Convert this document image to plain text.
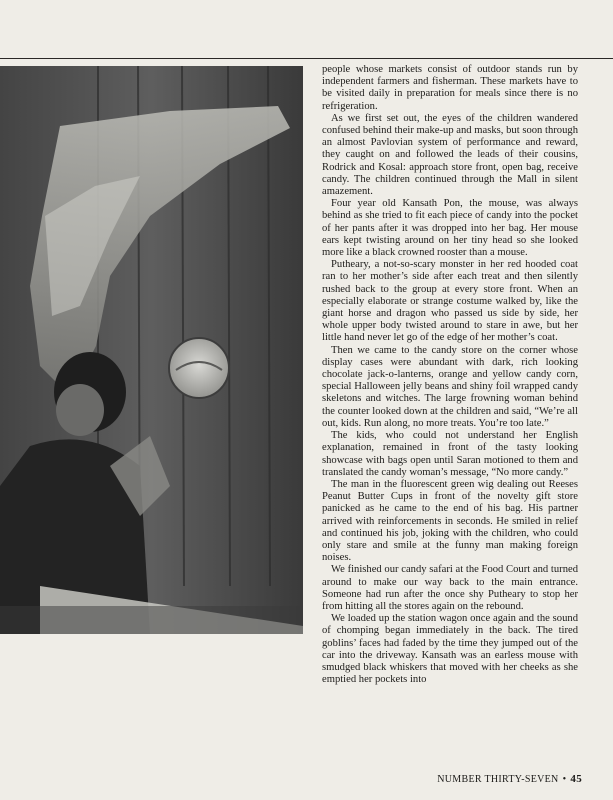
people whose markets consist of outdoor stands run by independent farmers and fisherman. These markets have to be visited daily in preparation for meals since there is no refrigeration.

As we first set out, the eyes of the children wandered confused behind their make-up and masks, but soon through an almost Pavlovian system of performance and reward, they caught on and followed the leads of their cousins, Rodrick and Kosal: approach store front, open bag, receive candy. The children continued through the Mall in silent amazement.

Four year old Kansath Pon, the mouse, was always behind as she tried to fit each piece of candy into the pocket of her pants after it was dropped into her bag. Her mouse ears kept twisting around on her tiny head so she looked more like a black crowned rooster than a mouse.

Putheary, a not-so-scary monster in her red hooded coat ran to her mother’s side after each treat and then silently rushed back to the group at every store front. When an especially elaborate or strange costume walked by, like the giant horse and dragon who passed us side by side, her whole upper body twisted around to stare in awe, but her little hand never let go of the edge of her mother’s coat.

Then we came to the candy store on the corner whose display cases were abundant with dark, rich looking chocolate jack-o-lanterns, orange and yellow candy corn, special Halloween jelly beans and shiny foil wrapped candy skeletons and witches. The large frowning woman behind the counter looked down at the children and said, “We’re all out, kids. Run along, no more treats. You’re too late.”

The kids, who could not understand her English explanation, remained in front of the tasty looking showcase with bags open until Saran motioned to them and translated the candy woman’s message, “No more candy.”

The man in the fluorescent green wig dealing out Reeses Peanut Butter Cups in front of the novelty gift store panicked as he came to the end of his bag. His partner arrived with reinforcements in seconds. He smiled in relief and continued his job, joking with the children, who could only stare and smile at the funny man making foreign noises.

We finished our candy safari at the Food Court and turned around to make our way back to the main entrance. Someone had run after the once shy Putheary to stop her from hitting all the stores again on the rebound.

We loaded up the station wagon once again and the sound of chomping began immediately in the back. The tired goblins’ faces had faded by the time they jumped out of the car into the driveway. Kansath was an earless mouse with smudged black whiskers that moved with her cheeks as she emptied her pockets into

NUMBER THIRTY-SEVEN • 45
